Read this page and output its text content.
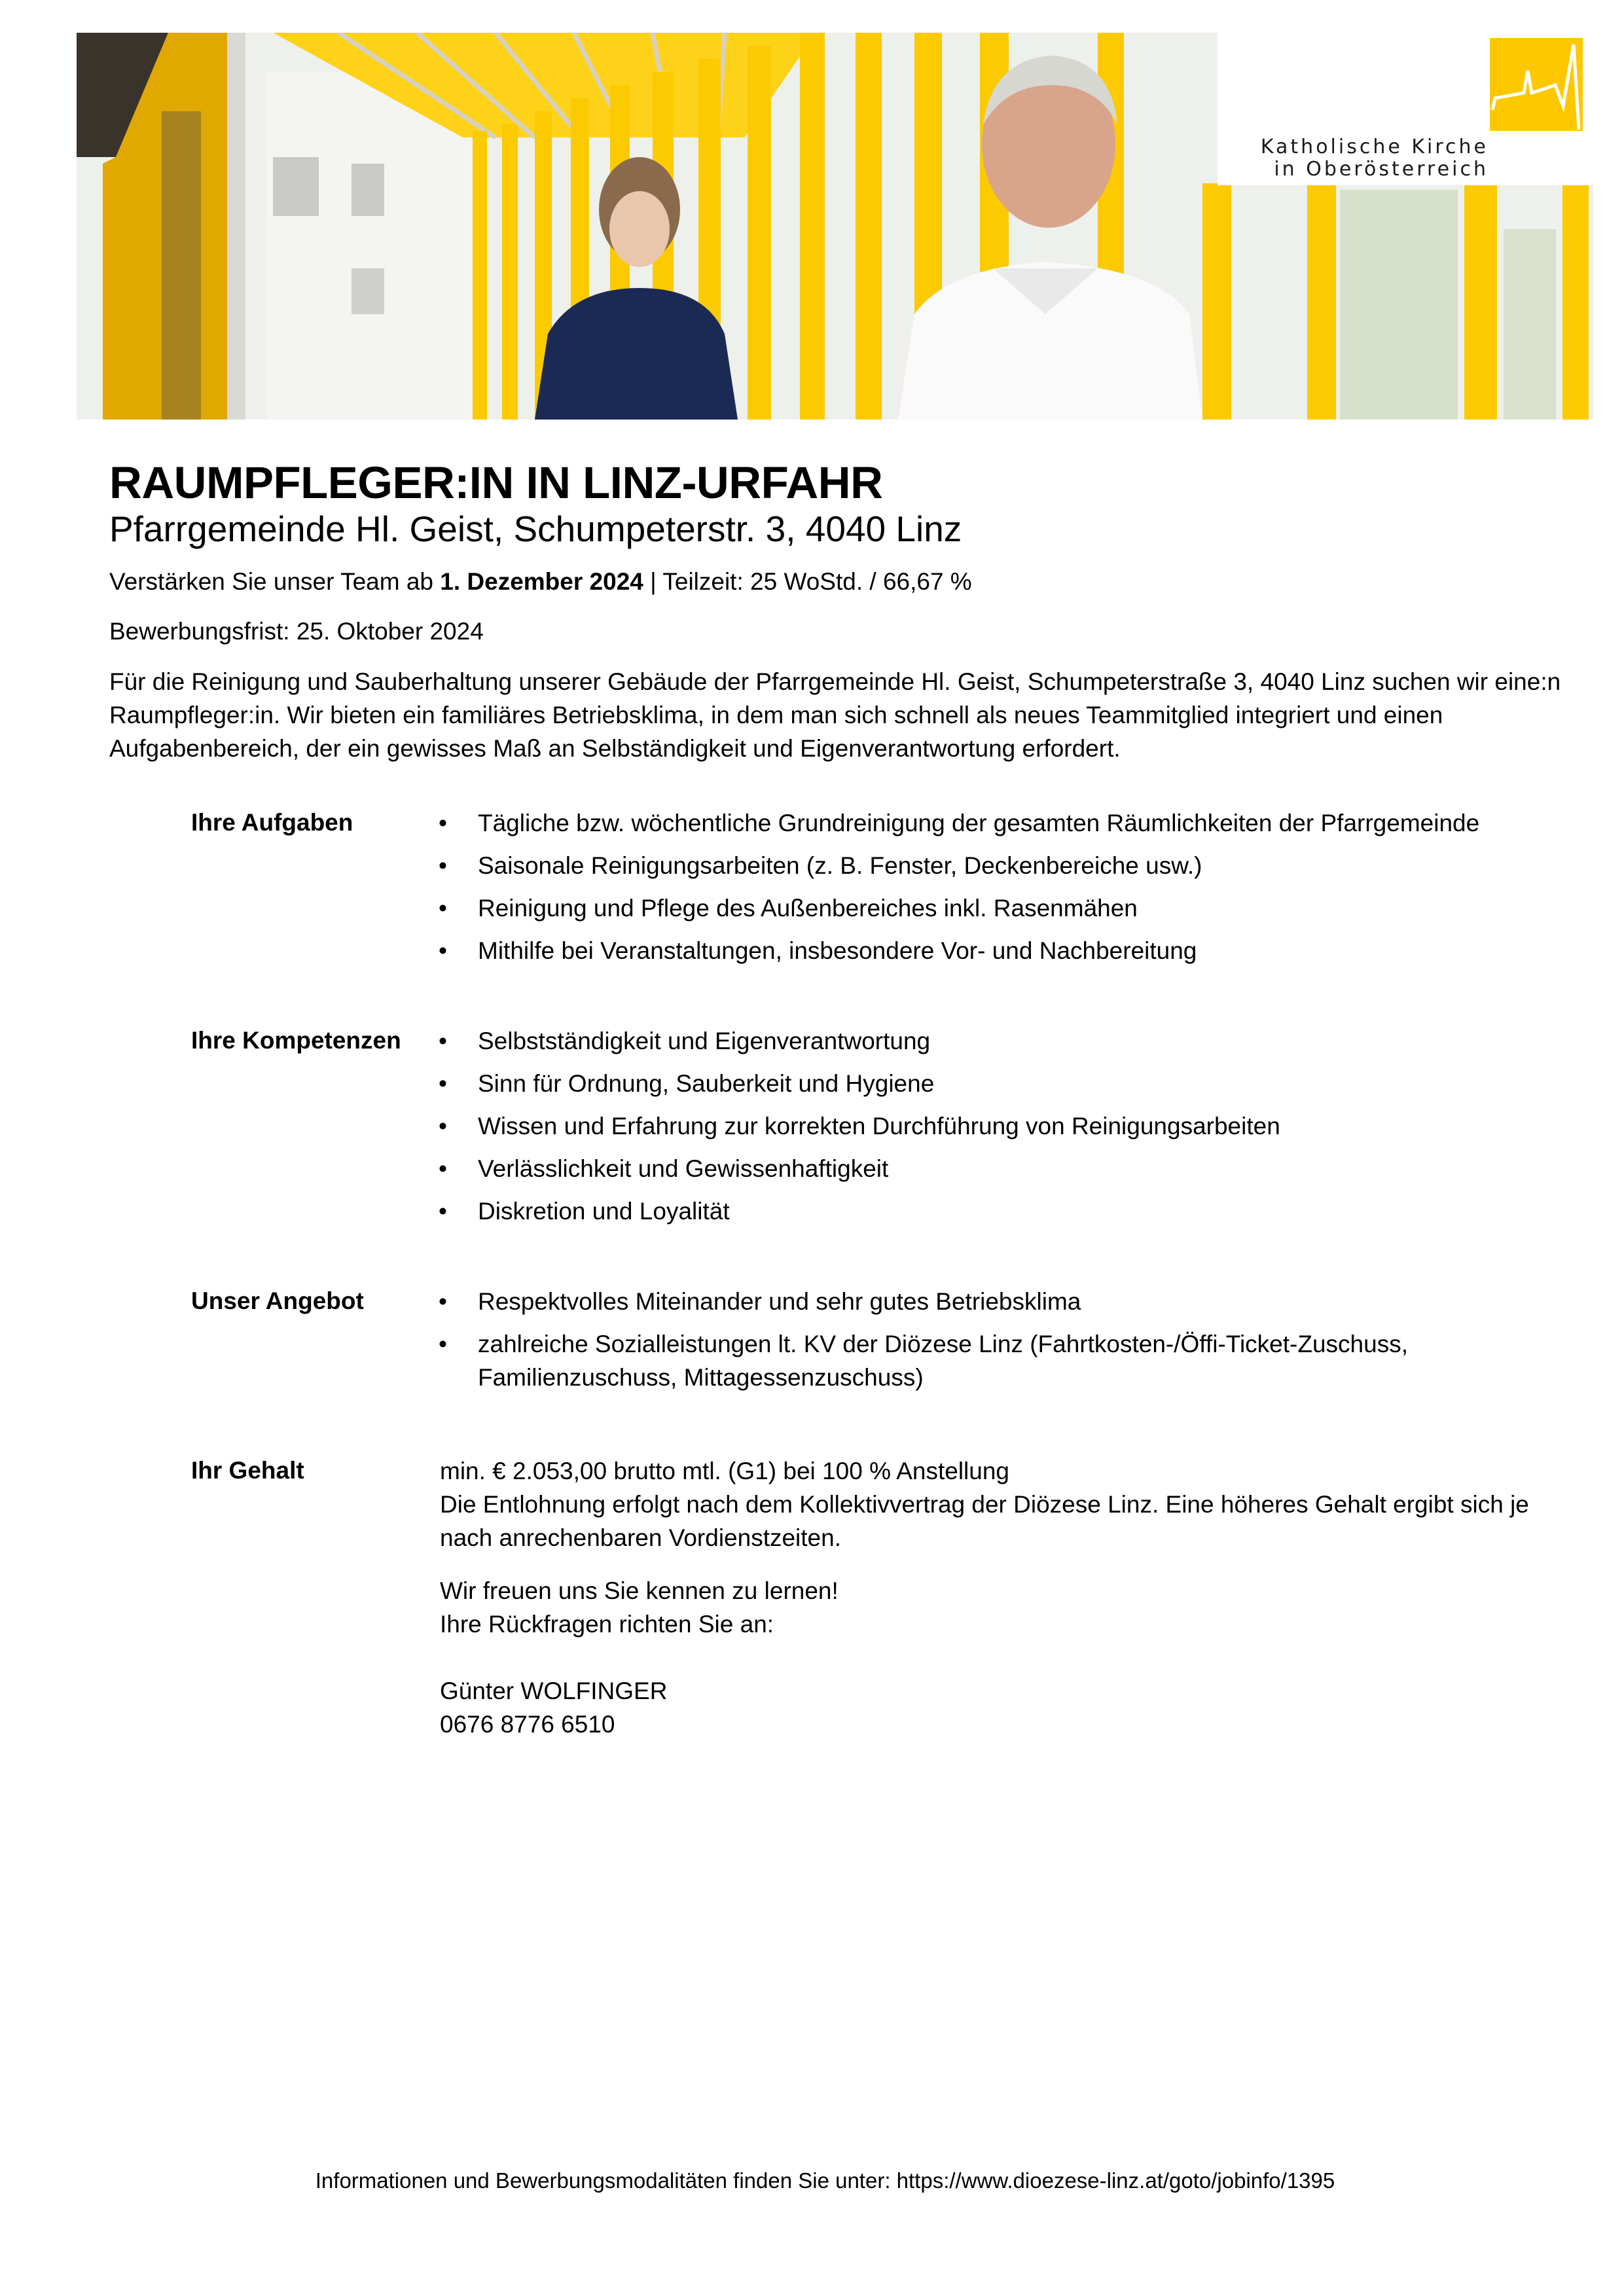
Katholische Kirche
in Oberösterreich
RAUMPFLEGER:IN IN LINZ-URFAHR
Pfarrgemeinde Hl. Geist, Schumpeterstr. 3, 4040 Linz

Verstärken Sie unser Team ab 1. Dezember 2024 | Teilzeit: 25 WoStd. / 66,67 %

Bewerbungsfrist: 25. Oktober 2024

Für die Reinigung und Sauberhaltung unserer Gebäude der Pfarrgemeinde Hl. Geist, Schumpeterstraße 3, 4040 Linz suchen wir eine:n Raumpfleger:in. Wir bieten ein familiäres Betriebsklima, in dem man sich schnell als neues Teammitglied integriert und einen Aufgabenbereich, der ein gewisses Maß an Selbständigkeit und Eigenverantwortung erfordert.

Ihre Aufgaben	• Tägliche bzw. wöchentliche Grundreinigung der gesamten Räumlichkeiten der Pfarrgemeinde
• Saisonale Reinigungsarbeiten (z. B. Fenster, Deckenbereiche usw.)
• Reinigung und Pflege des Außenbereiches inkl. Rasenmähen
• Mithilfe bei Veranstaltungen, insbesondere Vor- und Nachbereitung
Ihre Kompetenzen	• Selbstständigkeit und Eigenverantwortung
• Sinn für Ordnung, Sauberkeit und Hygiene
• Wissen und Erfahrung zur korrekten Durchführung von Reinigungsarbeiten
• Verlässlichkeit und Gewissenhaftigkeit
• Diskretion und Loyalität
Unser Angebot	• Respektvolles Miteinander und sehr gutes Betriebsklima
• zahlreiche Sozialleistungen lt. KV der Diözese Linz (Fahrtkosten-/Öffi-Ticket-Zuschuss, Familienzuschuss, Mittagessenzuschuss)
Ihr Gehalt	min. € 2.053,00 brutto mtl. (G1) bei 100 % Anstellung

Die Entlohnung erfolgt nach dem Kollektivvertrag der Diözese Linz. Eine höheres Gehalt ergibt sich je nach anrechenbaren Vordienstzeiten.

Wir freuen uns Sie kennen zu lernen!

Ihre Rückfragen richten Sie an:

Günter WOLFINGER

0676 8776 6510

Informationen und Bewerbungsmodalitäten finden Sie unter: https://www.dioezese-linz.at/goto/jobinfo/1395
